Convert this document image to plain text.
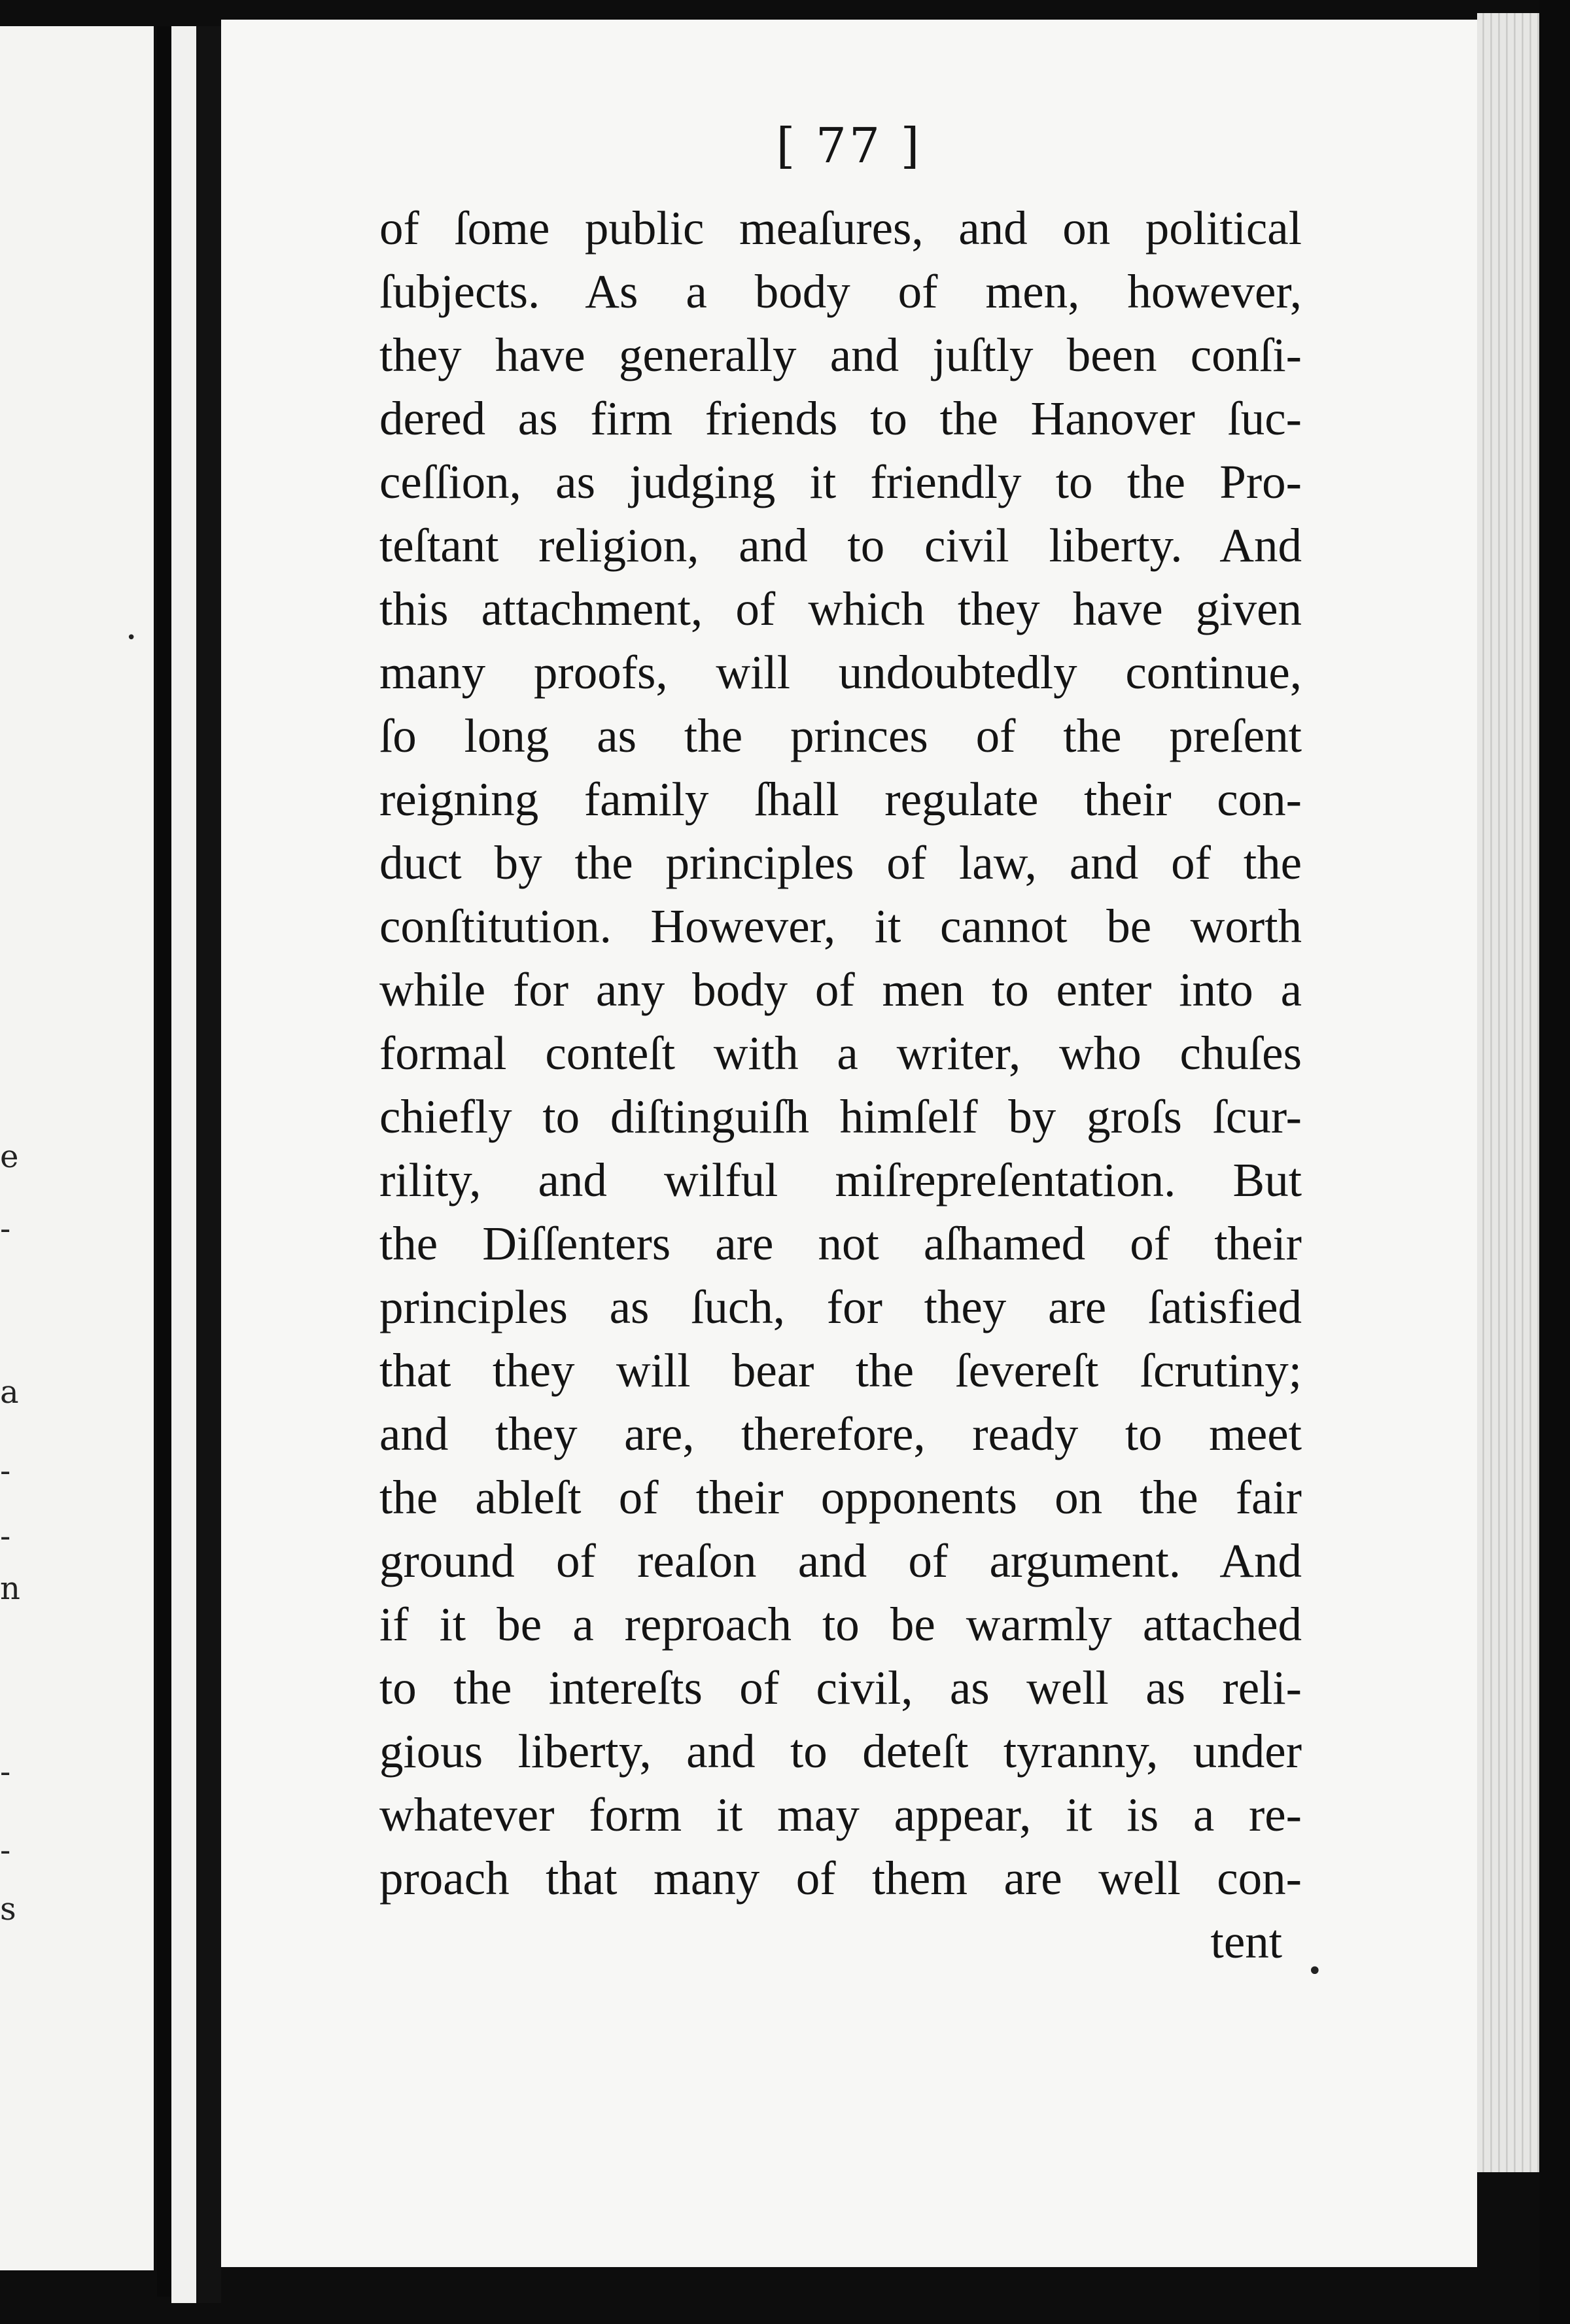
e
-
a
-
-
n
-
-
s
[ 77 ]
of ſome public meaſures, and on political
ſubjects. As a body of men, however,
they have generally and juſtly been conſi-
dered as firm friends to the Hanover ſuc-
ceſſion, as judging it friendly to the Pro-
teſtant religion, and to civil liberty. And
this attachment, of which they have given
many proofs, will undoubtedly continue,
ſo long as the princes of the preſent
reigning family ſhall regulate their con-
duct by the principles of law, and of the
conſtitution. However, it cannot be worth
while for any body of men to enter into a
formal conteſt with a writer, who chuſes
chiefly to diſtinguiſh himſelf by groſs ſcur-
rility, and wilful miſrepreſentation. But
the Diſſenters are not aſhamed of their
principles as ſuch, for they are ſatisfied
that they will bear the ſevereſt ſcrutiny;
and they are, therefore, ready to meet
the ableſt of their opponents on the fair
ground of reaſon and of argument. And
if it be a reproach to be warmly attached
to the intereſts of civil, as well as reli-
gious liberty, and to deteſt tyranny, under
whatever form it may appear, it is a re-
proach that many of them are well con-
tent
•
•
